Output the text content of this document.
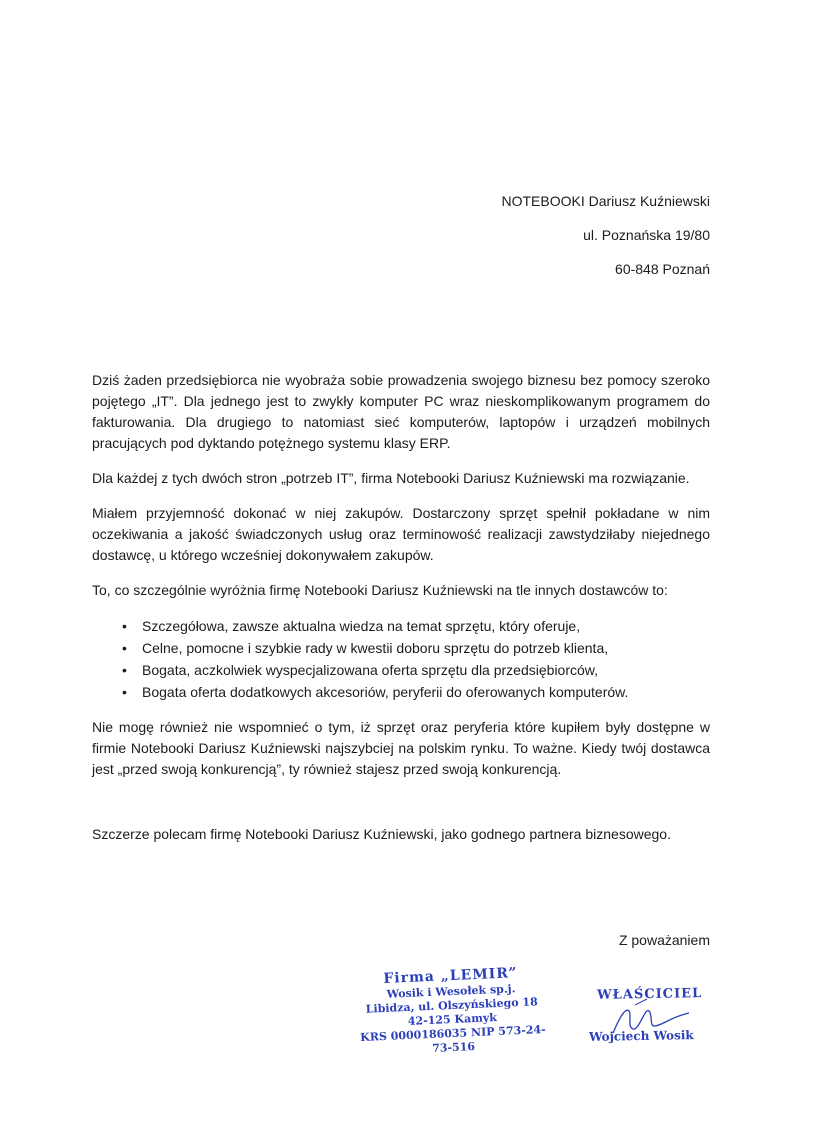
NOTEBOOKI Dariusz Kuźniewski
ul. Poznańska 19/80
60-848 Poznań

Dziś żaden przedsiębiorca nie wyobraża sobie prowadzenia swojego biznesu bez pomocy szeroko pojętego „IT”. Dla jednego jest to zwykły komputer PC wraz nieskomplikowanym programem do fakturowania. Dla drugiego to natomiast sieć komputerów, laptopów i urządzeń mobilnych pracujących pod dyktando potężnego systemu klasy ERP.

Dla każdej z tych dwóch stron „potrzeb IT”, firma Notebooki Dariusz Kuźniewski ma rozwiązanie.

Miałem przyjemność dokonać w niej zakupów. Dostarczony sprzęt spełnił pokładane w nim oczekiwania a jakość świadczonych usług oraz terminowość realizacji zawstydziłaby niejednego dostawcę, u którego wcześniej dokonywałem zakupów.

To, co szczególnie wyróżnia firmę Notebooki Dariusz Kuźniewski na tle innych dostawców to:

• Szczegółowa, zawsze aktualna wiedza na temat sprzętu, który oferuje,
• Celne, pomocne i szybkie rady w kwestii doboru sprzętu do potrzeb klienta,
• Bogata, aczkolwiek wyspecjalizowana oferta sprzętu dla przedsiębiorców,
• Bogata oferta dodatkowych akcesoriów, peryferii do oferowanych komputerów.

Nie mogę również nie wspomnieć o tym, iż sprzęt oraz peryferia które kupiłem były dostępne w firmie Notebooki Dariusz Kuźniewski najszybciej na polskim rynku. To ważne. Kiedy twój dostawca jest „przed swoją konkurencją”, ty również stajesz przed swoją konkurencją.

Szczerze polecam firmę Notebooki Dariusz Kuźniewski, jako godnego partnera biznesowego.
Z poważaniem
Firma „LEMIR”
Wosik i Wesołek sp.j.
Libidza, ul. Olszyńskiego 18
42-125 Kamyk
KRS 0000186035 NIP 573-24-73-516
WŁAŚCICIEL
Wojciech Wosik
